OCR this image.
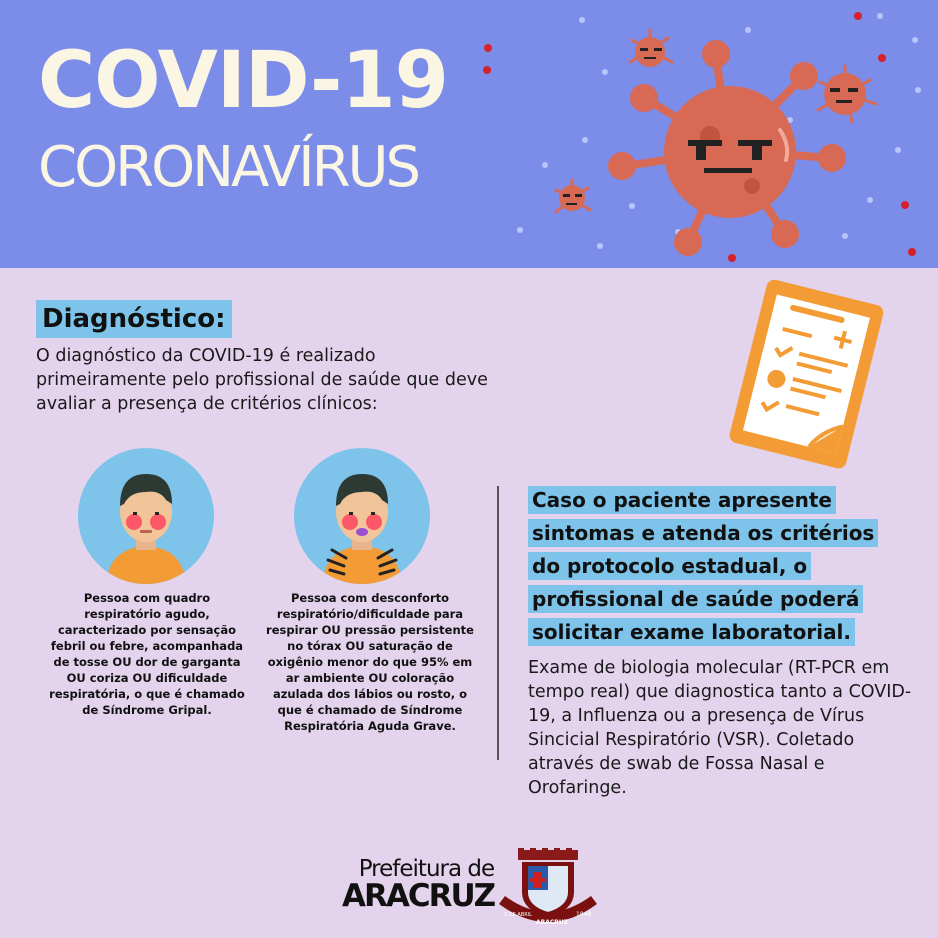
COVID-19
CORONAVÍRUS
Diagnóstico:
O diagnóstico da COVID-19 é realizado primeiramente pelo profissional de saúde que deve avaliar a presença de critérios clínicos:
Pessoa com quadro respiratório agudo, caracterizado por sensação febril ou febre, acompanhada de tosse OU dor de garganta OU coriza OU dificuldade respiratória, o que é chamado de Síndrome Gripal.
Pessoa com desconforto respiratório/dificuldade para respirar OU pressão persistente no tórax OU saturação de oxigênio menor do que 95% em ar ambiente OU coloração azulada dos lábios ou rosto, o que é chamado de Síndrome Respiratória Aguda Grave.
Caso o paciente apresente sintomas e atenda os critérios do protocolo estadual, o profissional de saúde poderá solicitar exame laboratorial.
Exame de biologia molecular (RT-PCR em tempo real) que diagnostica tanto a COVID-19, a Influenza ou a presença de Vírus Sincicial Respiratório (VSR). Coletado através de swab de Fossa Nasal e Orofaringe.
Prefeitura de
ARACRUZ
3 DE ABRIL
ARACRUZ
1848
